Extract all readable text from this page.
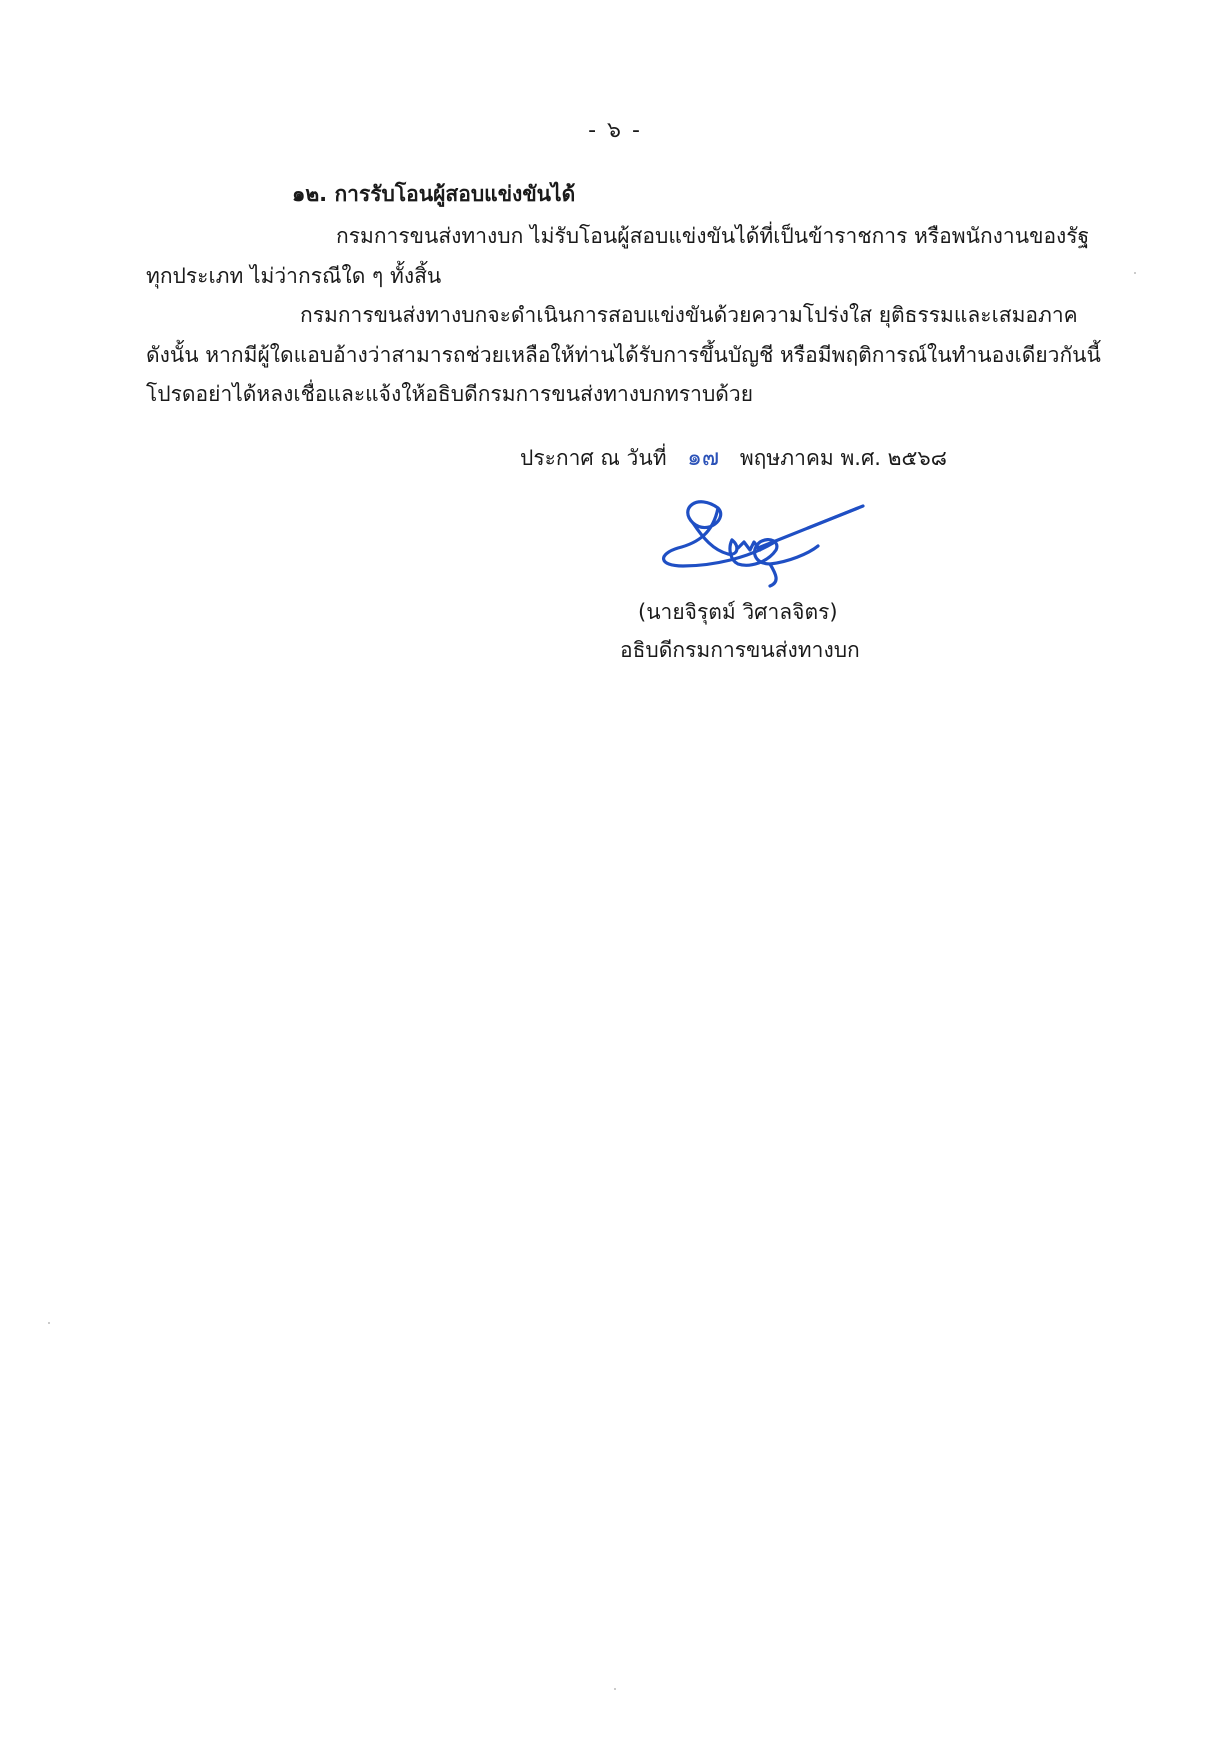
- ๖ -
๑๒. การรับโอนผู้สอบแข่งขันได้
กรมการขนส่งทางบก ไม่รับโอนผู้สอบแข่งขันได้ที่เป็นข้าราชการ หรือพนักงานของรัฐ
ทุกประเภท ไม่ว่ากรณีใด ๆ ทั้งสิ้น
กรมการขนส่งทางบกจะดำเนินการสอบแข่งขันด้วยความโปร่งใส ยุติธรรมและเสมอภาค
ดังนั้น หากมีผู้ใดแอบอ้างว่าสามารถช่วยเหลือให้ท่านได้รับการขึ้นบัญชี หรือมีพฤติการณ์ในทำนองเดียวกันนี้
โปรดอย่าได้หลงเชื่อและแจ้งให้อธิบดีกรมการขนส่งทางบกทราบด้วย
ประกาศ ณ วันที่ ๑๗ พฤษภาคม พ.ศ. ๒๕๖๘
(นายจิรุตม์ วิศาลจิตร)
อธิบดีกรมการขนส่งทางบก
